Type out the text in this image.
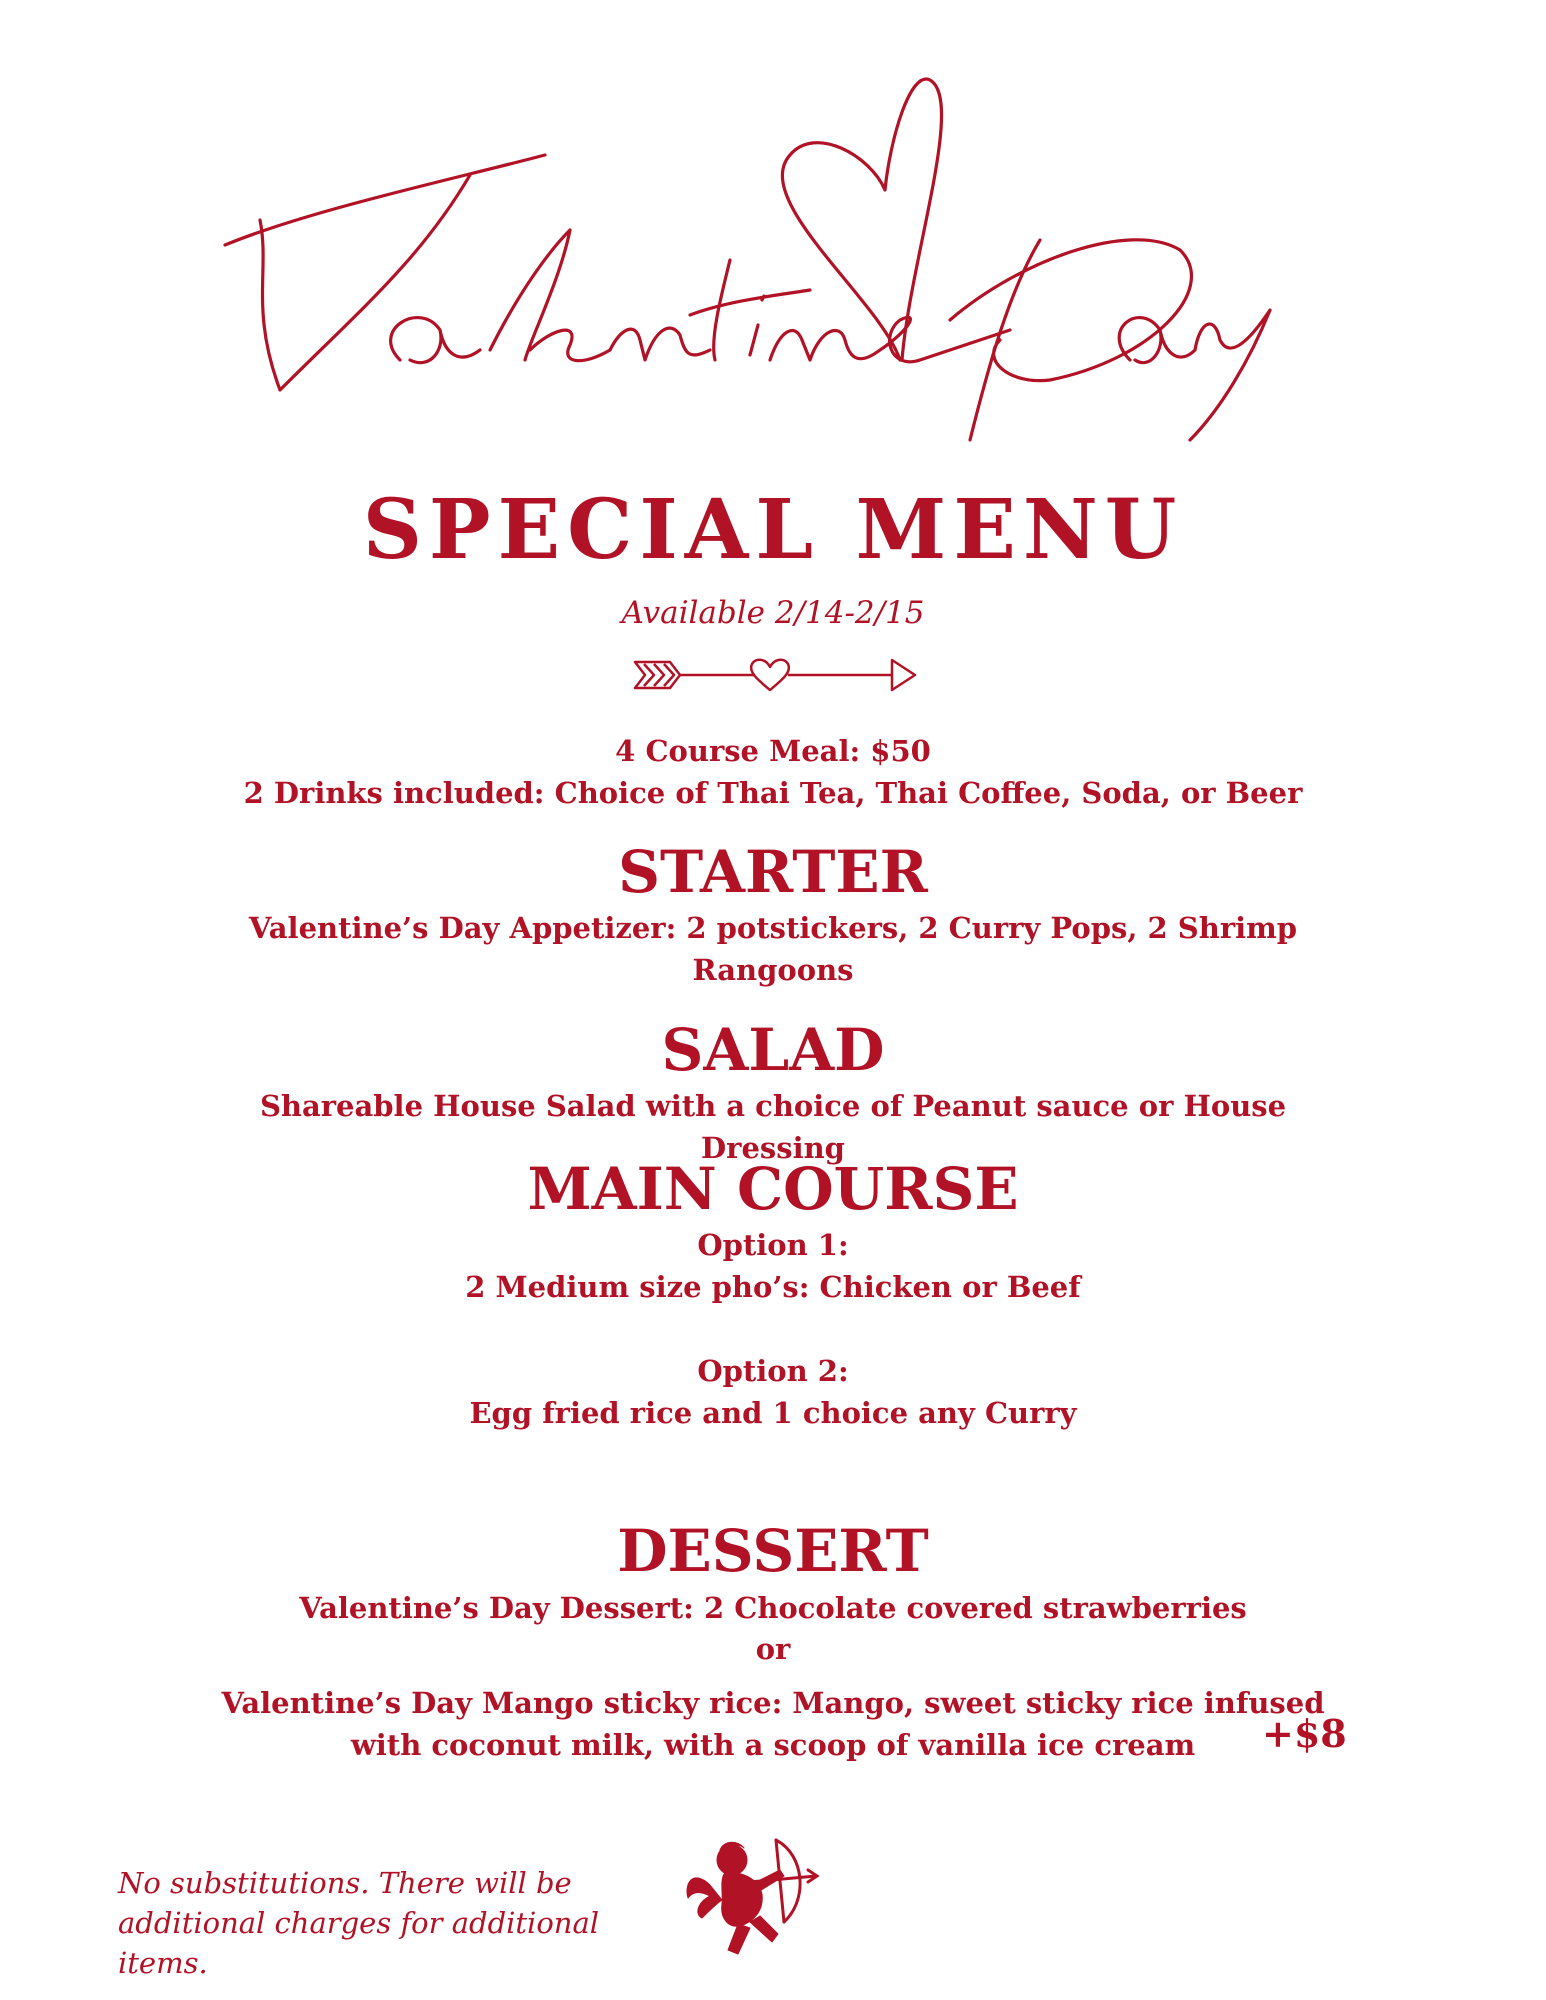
SPECIAL MENU
Available 2/14-2/15
4 Course Meal: $50
2 Drinks included: Choice of Thai Tea, Thai Coffee, Soda, or Beer
STARTER
Valentine’s Day Appetizer: 2 potstickers, 2 Curry Pops, 2 Shrimp
Rangoons
SALAD
Shareable House Salad with a choice of Peanut sauce or House
Dressing
MAIN COURSE
Option 1:
2 Medium size pho’s: Chicken or Beef
Option 2:
Egg fried rice and 1 choice any Curry
DESSERT
Valentine’s Day Dessert: 2 Chocolate covered strawberries
or
Valentine’s Day Mango sticky rice: Mango, sweet sticky rice infused
with coconut milk, with a scoop of vanilla ice cream	+$8
No substitutions. There will be
additional charges for additional items.
